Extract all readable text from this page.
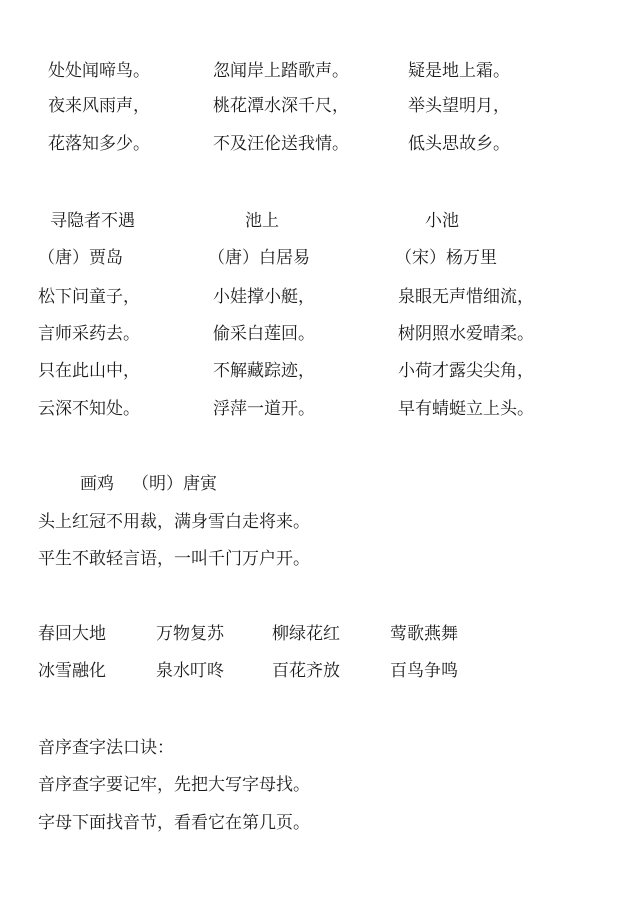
处处闻啼鸟。
夜来风雨声，
花落知多少。
忽闻岸上踏歌声。
桃花潭水深千尺，
不及汪伦送我情。
疑是地上霜。
举头望明月，
低头思故乡。
寻隐者不遇
（唐）贾岛
松下问童子，
言师采药去。
只在此山中，
云深不知处。
池上
（唐）白居易
小娃撑小艇，
偷采白莲回。
不解藏踪迹，
浮萍一道开。
小池
（宋）杨万里
泉眼无声惜细流，
树阴照水爱晴柔。
小荷才露尖尖角，
早有蜻蜓立上头。
画鸡 （明）唐寅
头上红冠不用裁，满身雪白走将来。
平生不敢轻言语，一叫千门万户开。
春回大地	万物复苏	柳绿花红	莺歌燕舞
冰雪融化	泉水叮咚	百花齐放	百鸟争鸣
音序查字法口诀：
音序查字要记牢，先把大写字母找。
字母下面找音节，看看它在第几页。
